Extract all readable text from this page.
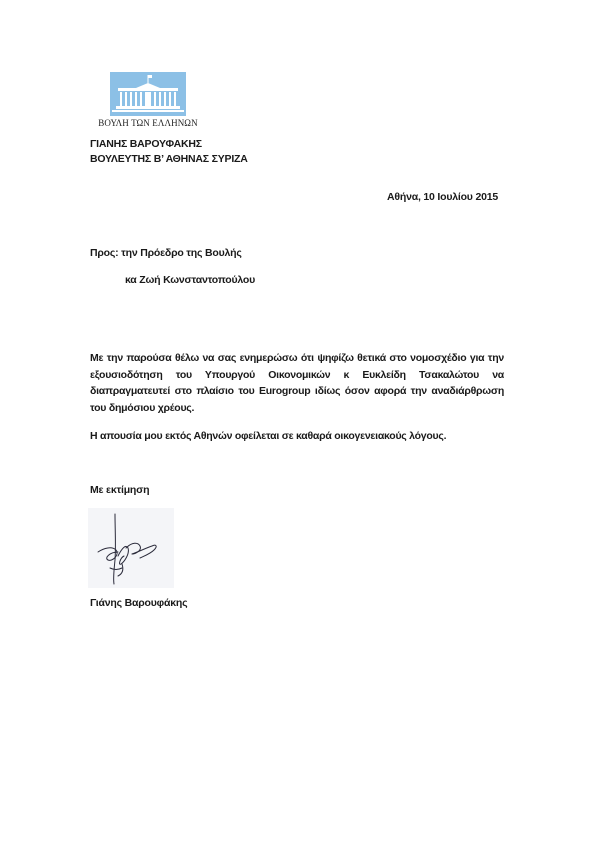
ΒΟΥΛΗ ΤΩΝ ΕΛΛΗΝΩΝ
ΓΙΑΝΗΣ ΒΑΡΟΥΦΑΚΗΣ
ΒΟΥΛΕΥΤΗΣ Β’ ΑΘΗΝΑΣ ΣΥΡΙΖΑ
Αθήνα, 10 Ιουλίου 2015
Προς: την Πρόεδρο της Βουλής
κα Ζωή Κωνσταντοπούλου
Με την παρούσα θέλω να σας ενημερώσω ότι ψηφίζω θετικά στο νομοσχέδιο για την εξουσιοδότηση του Υπουργού Οικονομικών κ Ευκλείδη Τσακαλώτου να διαπραγματευτεί στο πλαίσιο του Eurogroup ιδίως όσον αφορά την αναδιάρθρωση του δημόσιου χρέους.
Η απουσία μου εκτός Αθηνών οφείλεται σε καθαρά οικογενειακούς λόγους.
Με εκτίμηση
Γιάνης Βαρουφάκης
